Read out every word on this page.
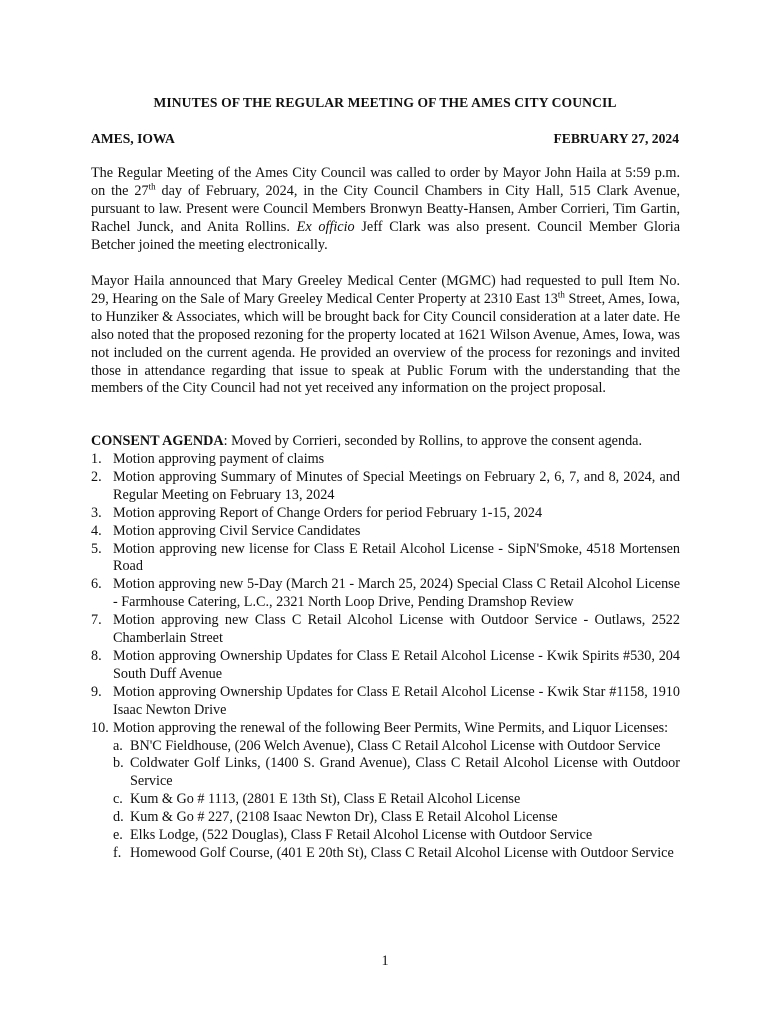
MINUTES OF THE REGULAR MEETING OF THE AMES CITY COUNCIL
AMES, IOWA	FEBRUARY 27, 2024

The Regular Meeting of the Ames City Council was called to order by Mayor John Haila at 5:59 p.m. on the 27th day of February, 2024, in the City Council Chambers in City Hall, 515 Clark Avenue, pursuant to law. Present were Council Members Bronwyn Beatty-Hansen, Amber Corrieri, Tim Gartin, Rachel Junck, and Anita Rollins. Ex officio Jeff Clark was also present. Council Member Gloria Betcher joined the meeting electronically.

Mayor Haila announced that Mary Greeley Medical Center (MGMC) had requested to pull Item No. 29, Hearing on the Sale of Mary Greeley Medical Center Property at 2310 East 13th Street, Ames, Iowa, to Hunziker & Associates, which will be brought back for City Council consideration at a later date. He also noted that the proposed rezoning for the property located at 1621 Wilson Avenue, Ames, Iowa, was not included on the current agenda. He provided an overview of the process for rezonings and invited those in attendance regarding that issue to speak at Public Forum with the understanding that the members of the City Council had not yet received any information on the project proposal.

CONSENT AGENDA: Moved by Corrieri, seconded by Rollins, to approve the consent agenda.
1. Motion approving payment of claims
2. Motion approving Summary of Minutes of Special Meetings on February 2, 6, 7, and 8, 2024, and Regular Meeting on February 13, 2024
3. Motion approving Report of Change Orders for period February 1-15, 2024
4. Motion approving Civil Service Candidates
5. Motion approving new license for Class E Retail Alcohol License - SipN'Smoke, 4518 Mortensen Road
6. Motion approving new 5-Day (March 21 - March 25, 2024) Special Class C Retail Alcohol License - Farmhouse Catering, L.C., 2321 North Loop Drive, Pending Dramshop Review
7. Motion approving new Class C Retail Alcohol License with Outdoor Service - Outlaws, 2522 Chamberlain Street
8. Motion approving Ownership Updates for Class E Retail Alcohol License - Kwik Spirits #530, 204 South Duff Avenue
9. Motion approving Ownership Updates for Class E Retail Alcohol License - Kwik Star #1158, 1910 Isaac Newton Drive
10. Motion approving the renewal of the following Beer Permits, Wine Permits, and Liquor Licenses:
a. BN'C Fieldhouse, (206 Welch Avenue), Class C Retail Alcohol License with Outdoor Service
b. Coldwater Golf Links, (1400 S. Grand Avenue), Class C Retail Alcohol License with Outdoor Service
c. Kum & Go # 1113, (2801 E 13th St), Class E Retail Alcohol License
d. Kum & Go # 227, (2108 Isaac Newton Dr), Class E Retail Alcohol License
e. Elks Lodge, (522 Douglas), Class F Retail Alcohol License with Outdoor Service
f. Homewood Golf Course, (401 E 20th St), Class C Retail Alcohol License with Outdoor Service
1
